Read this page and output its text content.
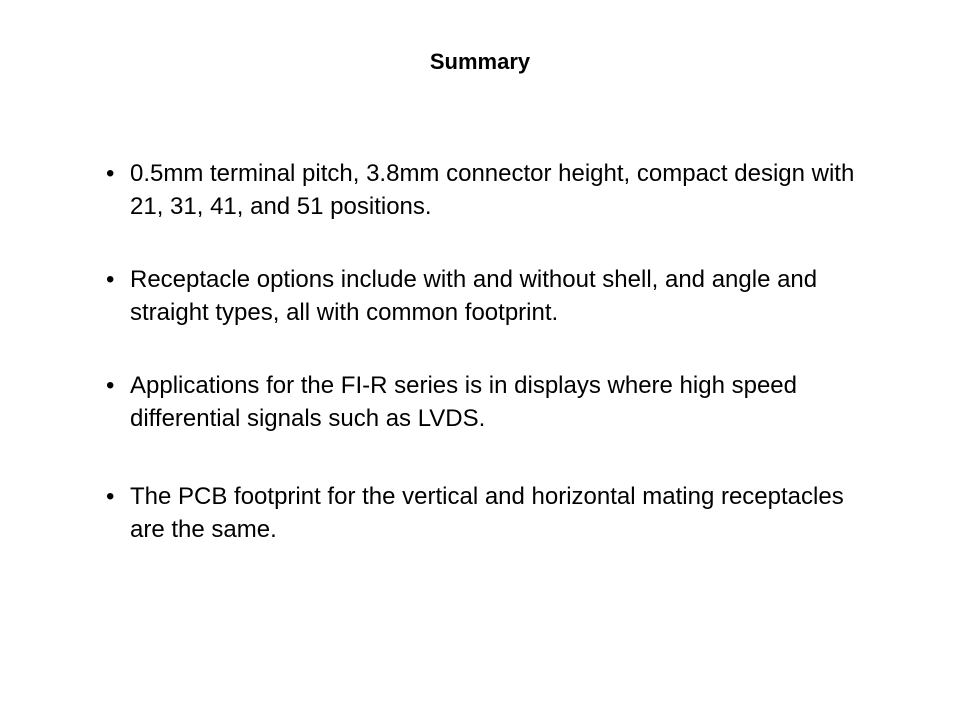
Summary
• 0.5mm terminal pitch, 3.8mm connector height, compact design with 21, 31, 41, and 51 positions.
• Receptacle options include with and without shell, and angle and straight types, all with common footprint.
• Applications for the FI-R series is in displays where high speed differential signals such as LVDS.
• The PCB footprint for the vertical and horizontal mating receptacles are the same.
